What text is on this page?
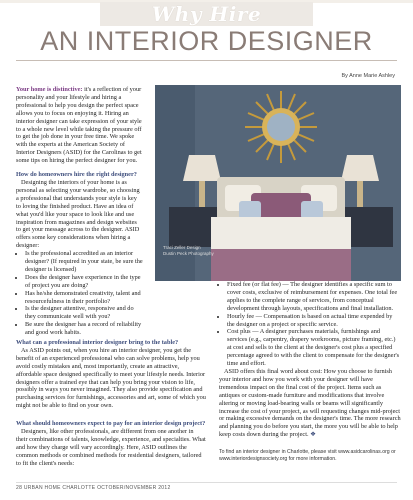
Why Hire
AN INTERIOR DESIGNER
By Anne Marie Ashley

Your home is distinctive: it's a reflection of your personality and your lifestyle and hiring a professional to help you design the perfect space allows you to focus on enjoying it. Hiring an interior designer can take expression of your style to a whole new level while taking the pressure off to get the job done in your free time. We spoke with the experts at the American Society of Interior Designers (ASID) for the Carolinas to get some tips on hiring the perfect designer for you.

How do homeowners hire the right designer?

Designing the interiors of your home is as personal as selecting your wardrobe, so choosing a professional that understands your style is key to loving the finished product. Have an idea of what you'd like your space to look like and use inspiration from magazines and design websites to get your message across to the designer. ASID offers some key considerations when hiring a designer:

• Is the professional accredited as an interior designer? (If required in your state, be sure the designer is licensed)
• Does the designer have experience in the type of project you are doing?
• Has he/she demonstrated creativity, talent and resourcefulness in their portfolio?
• Is the designer attentive, responsive and do they communicate well with you?
• Be sure the designer has a record of reliability and good work habits.
Traci Zeller Design
Dustin Peck Photography

What can a professional interior designer bring to the table?

As ASID points out, when you hire an interior designer, you get the benefit of an experienced professional who can solve problems, help you avoid costly mistakes and, most importantly, create an attractive, affordable space designed specifically to meet your lifestyle needs. Interior designers offer a trained eye that can help you bring your vision to life, possibly in ways you never imagined. They also provide specification and purchasing services for furnishings, accessories and art, some of which you might not be able to find on your own.

What should homeowners expect to pay for an interior design project?

Designers, like other professionals, are different from one another in their combinations of talents, knowledge, experience, and specialties. What and how they charge will vary accordingly. Here, ASID outlines the common methods or combined methods for residential designers, tailored to fit the client's needs:

• Fixed fee (or flat fee) — The designer identifies a specific sum to cover costs, exclusive of reimbursement for expenses. One total fee applies to the complete range of services, from conceptual development through layouts, specifications and final installation.
• Hourly fee — Compensation is based on actual time expended by the designer on a project or specific service.
• Cost plus — A designer purchases materials, furnishings and services (e.g., carpentry, drapery workrooms, picture framing, etc.) at cost and sells to the client at the designer's cost plus a specified percentage agreed to with the client to compensate for the designer's time and effort.

ASID offers this final word about cost: How you choose to furnish your interior and how you work with your designer will have tremendous impact on the final cost of the project. Items such as antiques or custom-made furniture and modifications that involve altering or moving load-bearing walls or beams will significantly increase the cost of your project, as will requesting changes mid-project or making excessive demands on the designer's time. The more research and planning you do before you start, the more you will be able to help keep costs down during the project. ❖

To find an interior designer in Charlotte, please visit www.asidcarolinas.org or www.interiordesignsociety.org for more information.
28 URBAN HOME CHARLOTTE OCTOBER/NOVEMBER 2012
